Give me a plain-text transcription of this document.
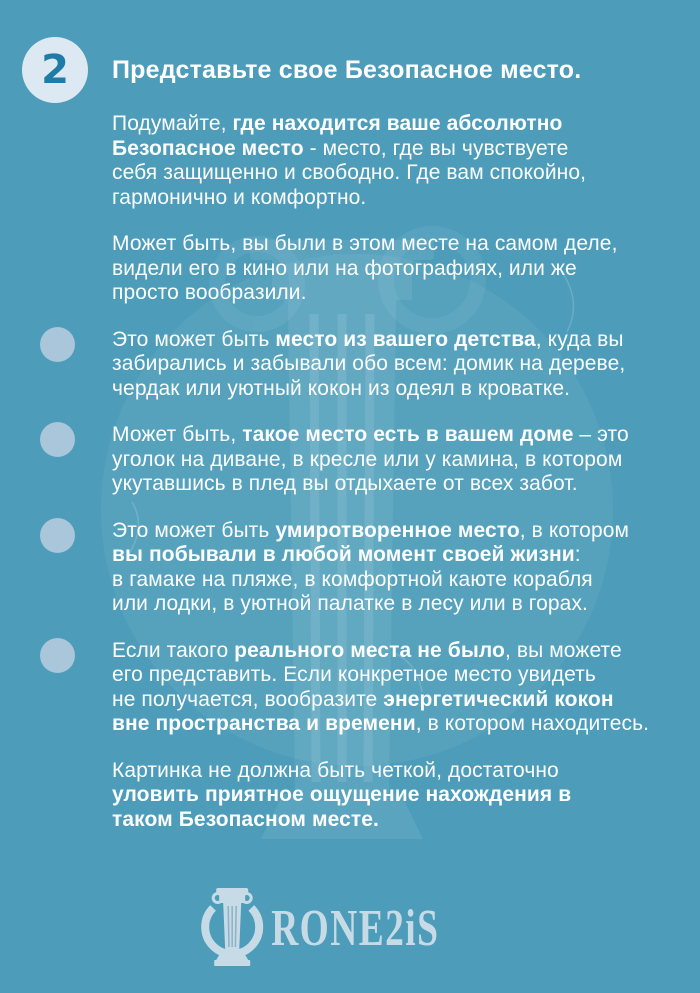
2 Представьте свое Безопасное место.

Подумайте, где находится ваше абсолютно
Безопасное место - место, где вы чувствуете
себя защищенно и свободно. Где вам спокойно,
гармонично и комфортно.

Может быть, вы были в этом месте на самом деле,
видели его в кино или на фотографиях, или же
просто вообразили.

Это может быть место из вашего детства, куда вы
забирались и забывали обо всем: домик на дереве,
чердак или уютный кокон из одеял в кроватке.

Может быть, такое место есть в вашем доме – это
уголок на диване, в кресле или у камина, в котором
укутавшись в плед вы отдыхаете от всех забот.

Это может быть умиротворенное место, в котором
вы побывали в любой момент своей жизни:
в гамаке на пляже, в комфортной каюте корабля
или лодки, в уютной палатке в лесу или в горах.

Если такого реального места не было, вы можете
его представить. Если конкретное место увидеть
не получается, вообразите энергетический кокон
вне пространства и времени, в котором находитесь.

Картинка не должна быть четкой, достаточно
уловить приятное ощущение нахождения в
таком Безопасном месте.

RONE2iS
